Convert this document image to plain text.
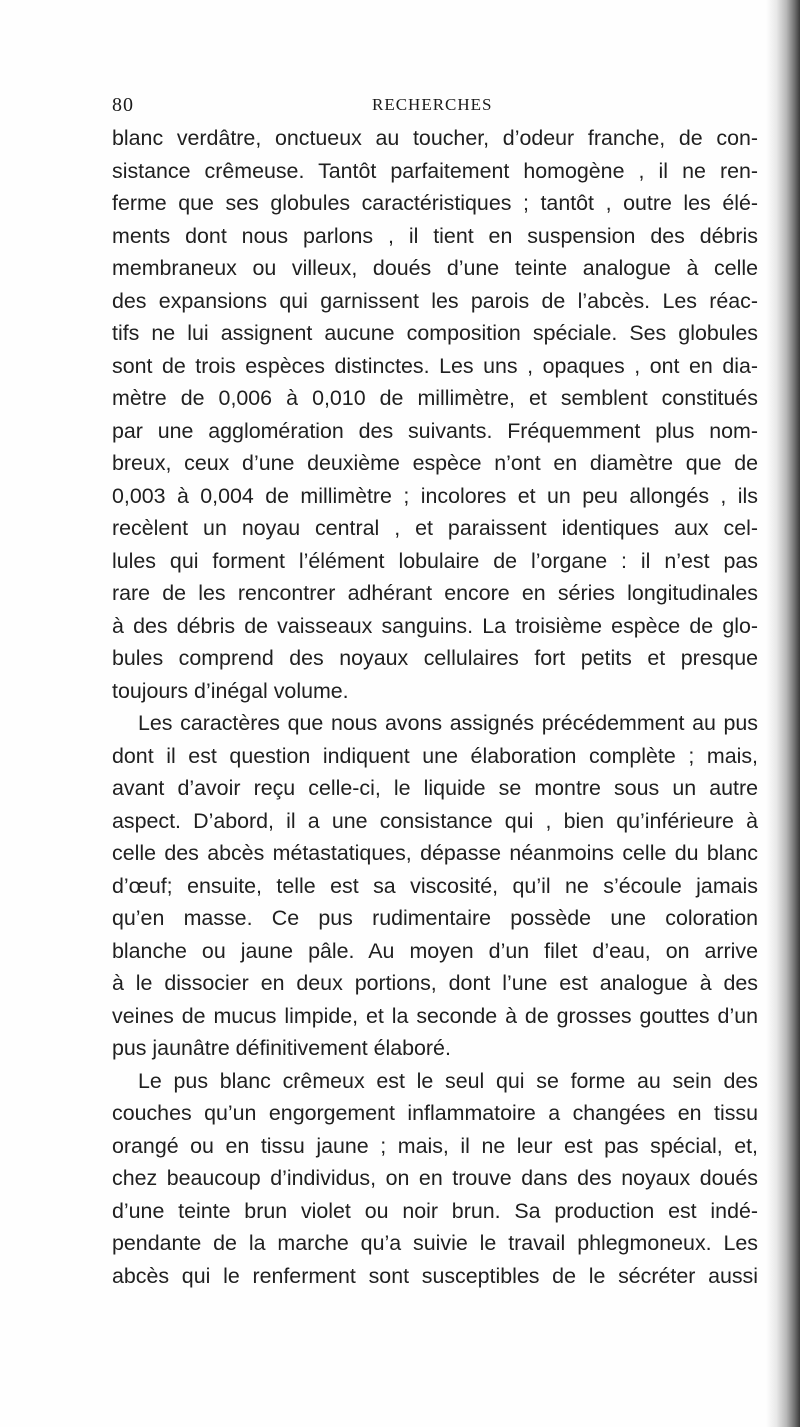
80	RECHERCHES
blanc verdâtre, onctueux au toucher, d’odeur franche, de con-
sistance crêmeuse. Tantôt parfaitement homogène , il ne ren-
ferme que ses globules caractéristiques ; tantôt , outre les élé-
ments dont nous parlons , il tient en suspension des débris
membraneux ou villeux, doués d’une teinte analogue à celle
des expansions qui garnissent les parois de l’abcès. Les réac-
tifs ne lui assignent aucune composition spéciale. Ses globules
sont de trois espèces distinctes. Les uns , opaques , ont en dia-
mètre de 0,006 à 0,010 de millimètre, et semblent constitués
par une agglomération des suivants. Fréquemment plus nom-
breux, ceux d’une deuxième espèce n’ont en diamètre que de
0,003 à 0,004 de millimètre ; incolores et un peu allongés , ils
recèlent un noyau central , et paraissent identiques aux cel-
lules qui forment l’élément lobulaire de l’organe : il n’est pas
rare de les rencontrer adhérant encore en séries longitudinales
à des débris de vaisseaux sanguins. La troisième espèce de glo-
bules comprend des noyaux cellulaires fort petits et presque
toujours d’inégal volume.
Les caractères que nous avons assignés précédemment au pus
dont il est question indiquent une élaboration complète ; mais,
avant d’avoir reçu celle-ci, le liquide se montre sous un autre
aspect. D’abord, il a une consistance qui , bien qu’inférieure à
celle des abcès métastatiques, dépasse néanmoins celle du blanc
d’œuf; ensuite, telle est sa viscosité, qu’il ne s’écoule jamais
qu’en masse. Ce pus rudimentaire possède une coloration
blanche ou jaune pâle. Au moyen d’un filet d’eau, on arrive
à le dissocier en deux portions, dont l’une est analogue à des
veines de mucus limpide, et la seconde à de grosses gouttes d’un
pus jaunâtre définitivement élaboré.
Le pus blanc crêmeux est le seul qui se forme au sein des
couches qu’un engorgement inflammatoire a changées en tissu
orangé ou en tissu jaune ; mais, il ne leur est pas spécial, et,
chez beaucoup d’individus, on en trouve dans des noyaux doués
d’une teinte brun violet ou noir brun. Sa production est indé-
pendante de la marche qu’a suivie le travail phlegmoneux. Les
abcès qui le renferment sont susceptibles de le sécréter aussi
